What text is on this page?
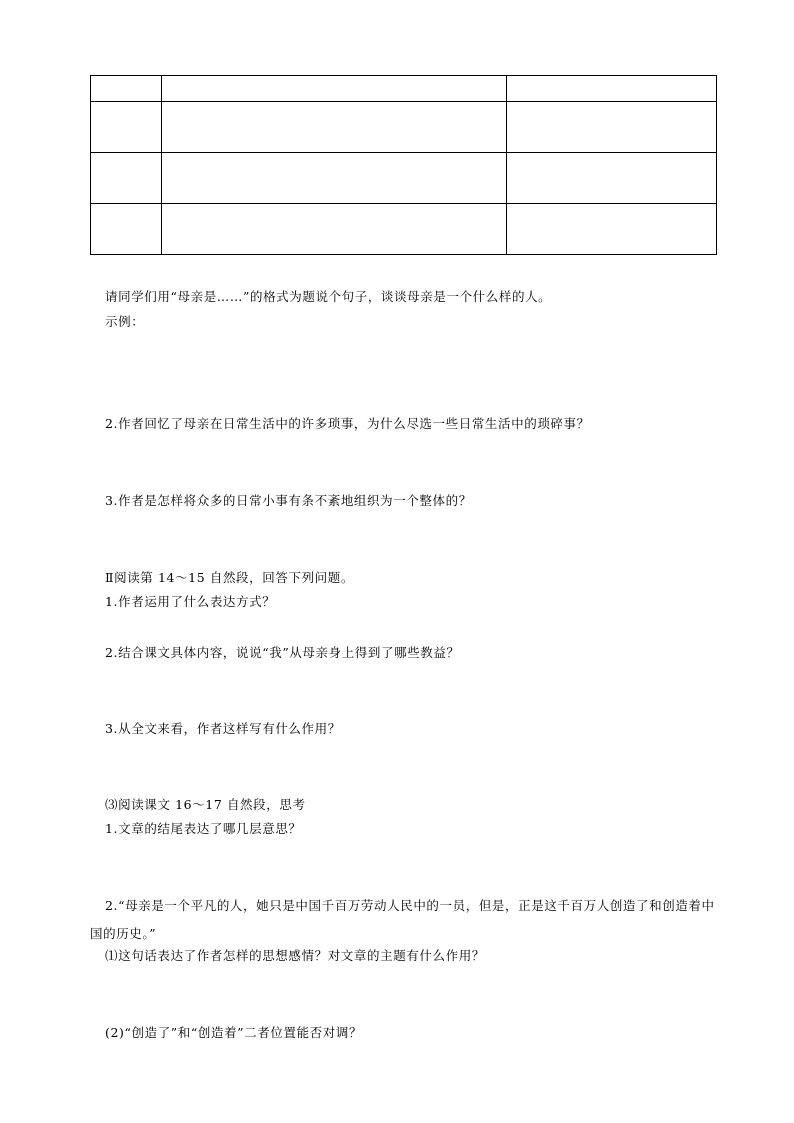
请同学们用“母亲是……”的格式为题说个句子，谈谈母亲是一个什么样的人。
示例：
2.作者回忆了母亲在日常生活中的许多琐事，为什么尽选一些日常生活中的琐碎事？
3.作者是怎样将众多的日常小事有条不紊地组织为一个整体的？
Ⅱ阅读第 14～15 自然段，回答下列问题。
1.作者运用了什么表达方式？
2.结合课文具体内容，说说“我”从母亲身上得到了哪些教益？
3.从全文来看，作者这样写有什么作用？
⑶阅读课文 16～17 自然段，思考
1.文章的结尾表达了哪几层意思？
2.“母亲是一个平凡的人，她只是中国千百万劳动人民中的一员，但是，正是这千百万人创造了和创造着中国的历史。”
⑴这句话表达了作者怎样的思想感情？对文章的主题有什么作用？
(2)“创造了”和“创造着”二者位置能否对调？
